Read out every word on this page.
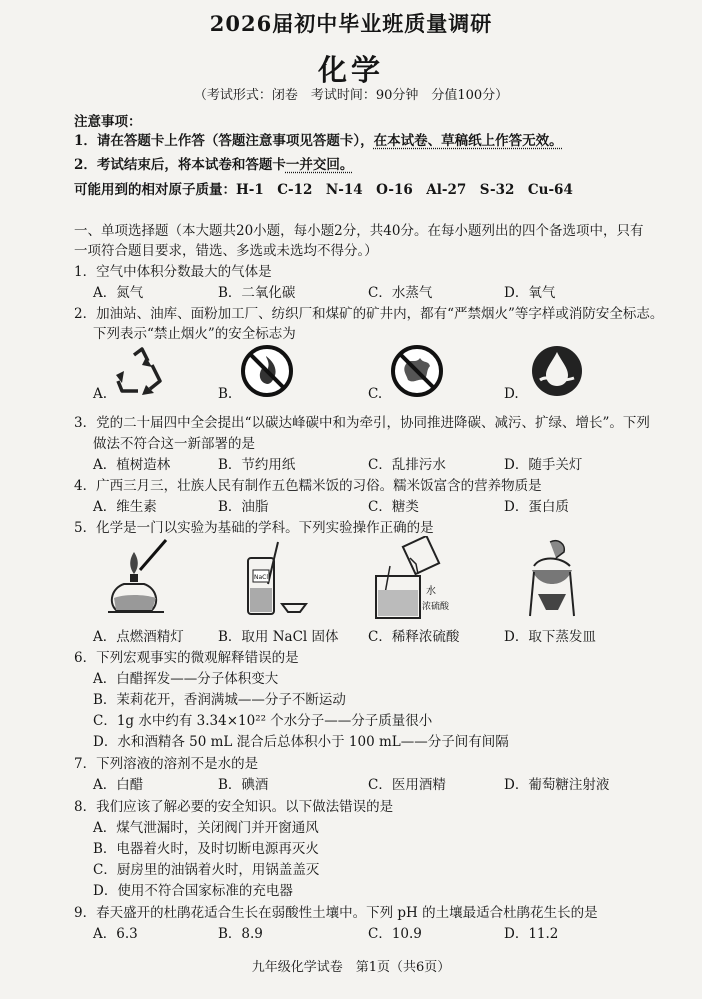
2026届初中毕业班质量调研
化学
（考试形式：闭卷　考试时间：90分钟　分值100分）
注意事项：
1．请在答题卡上作答（答题注意事项见答题卡），在本试卷、草稿纸上作答无效。
2．考试结束后，将本试卷和答题卡一并交回。
可能用到的相对原子质量：H-1　C-12　N-14　O-16　Al-27　S-32　Cu-64
一、单项选择题（本大题共20小题，每小题2分，共40分。在每小题列出的四个备选项中，只有
一项符合题目要求，错选、多选或未选均不得分。）
1．空气中体积分数最大的气体是
A．氮气	B．二氧化碳	C．水蒸气	D．氧气
2．加油站、油库、面粉加工厂、纺织厂和煤矿的矿井内，都有“严禁烟火”等字样或消防安全标志。
下列表示“禁止烟火”的安全标志为
A.	B.	C.	D.
3．党的二十届四中全会提出“以碳达峰碳中和为牵引，协同推进降碳、减污、扩绿、增长”。下列
做法不符合这一新部署的是
A．植树造林	B．节约用纸	C．乱排污水	D．随手关灯
4．广西三月三，壮族人民有制作五色糯米饭的习俗。糯米饭富含的营养物质是
A．维生素	B．油脂	C．糖类	D．蛋白质
5．化学是一门以实验为基础的学科。下列实验操作正确的是
NaCl
水
浓硫酸
A．点燃酒精灯	B．取用 NaCl 固体 C．稀释浓硫酸	D．取下蒸发皿
6．下列宏观事实的微观解释错误的是
A．白醋挥发——分子体积变大
B．茉莉花开，香润满城——分子不断运动
C．1g 水中约有 3.34×10²² 个水分子——分子质量很小
D．水和酒精各 50 mL 混合后总体积小于 100 mL——分子间有间隔
7．下列溶液的溶剂不是水的是
A．白醋	B．碘酒	C．医用酒精	D．葡萄糖注射液
8．我们应该了解必要的安全知识。以下做法错误的是
A．煤气泄漏时，关闭阀门并开窗通风
B．电器着火时，及时切断电源再灭火
C．厨房里的油锅着火时，用锅盖盖灭
D．使用不符合国家标准的充电器
9．春天盛开的杜鹃花适合生长在弱酸性土壤中。下列 pH 的土壤最适合杜鹃花生长的是
A．6.3	B．8.9	C．10.9	D．11.2
九年级化学试卷　第1页（共6页）
